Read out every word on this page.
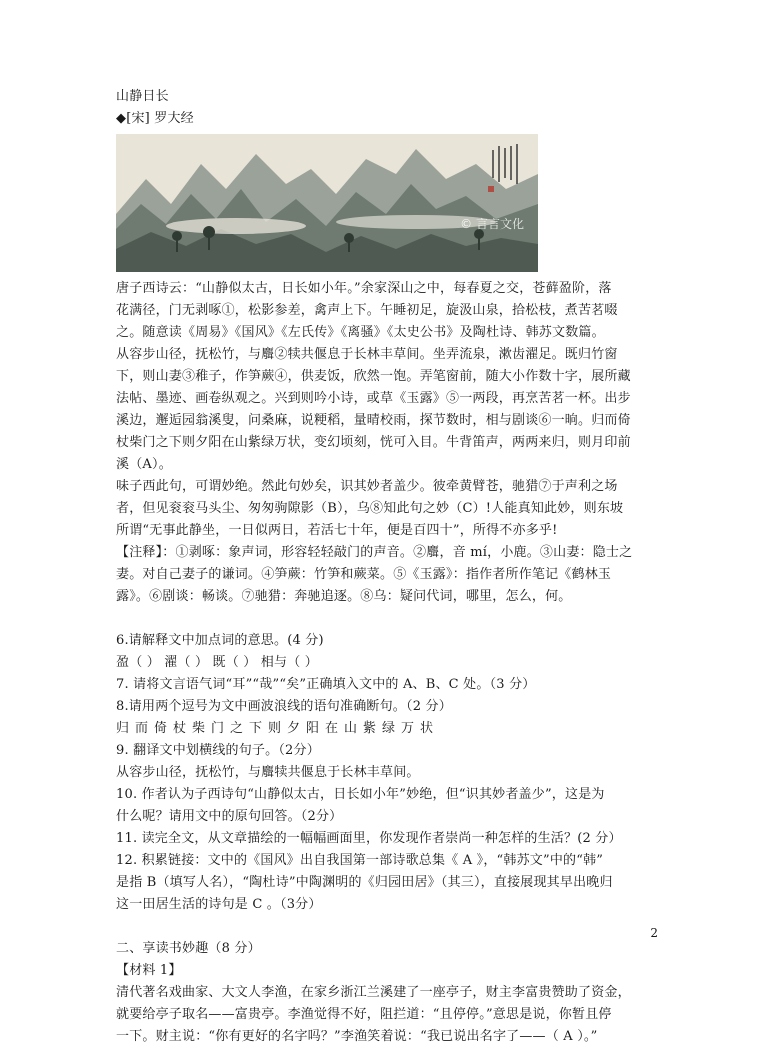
山静日长
◆[宋] 罗大经
© 言言文化
唐子西诗云：“山静似太古，日长如小年。”余家深山之中，每春夏之交，苍藓盈阶，落
花满径，门无剥啄①，松影参差，禽声上下。午睡初足，旋汲山泉，拾松枝，煮苦茗啜
之。随意读《周易》《国风》《左氏传》《离骚》《太史公书》及陶杜诗、韩苏文数篇。
从容步山径，抚松竹，与麛②犊共偃息于长林丰草间。坐弄流泉，漱齿濯足。既归竹窗
下，则山妻③稚子，作笋蕨④，供麦饭，欣然一饱。弄笔窗前，随大小作数十字，展所藏
法帖、墨迹、画卷纵观之。兴到则吟小诗，或草《玉露》⑤一两段，再烹苦茗一杯。出步
溪边，邂逅园翁溪叟，问桑麻，说粳稻，量晴校雨，探节数时，相与剧谈⑥一晌。归而倚
杖柴门之下则夕阳在山紫绿万状，变幻顷刻，恍可入目。牛背笛声，两两来归，则月印前
溪（A）。
味子西此句，可谓妙绝。然此句妙矣，识其妙者盖少。彼牵黄臂苍，驰猎⑦于声利之场
者，但见衮衮马头尘、匆匆驹隙影（B），乌⑧知此句之妙（C）!人能真知此妙，则东坡
所谓“无事此静坐，一日似两日，若活七十年，便是百四十”，所得不亦多乎!
【注释】：①剥啄：象声词，形容轻轻敲门的声音。②麛，音 mí，小鹿。③山妻：隐士之
妻。对自己妻子的谦词。④笋蕨：竹笋和蕨菜。⑤《玉露》：指作者所作笔记《鹤林玉
露》。⑥剧谈：畅谈。⑦驰猎：奔驰追逐。⑧乌：疑问代词，哪里，怎么，何。
6.请解释文中加点词的意思。(4 分)
盈（ ） 濯（ ） 既（ ） 相与（ ）
7. 请将文言语气词“耳”“哉”“矣”正确填入文中的 A、B、C 处。（3 分）
8.请用两个逗号为文中画波浪线的语句准确断句。（2 分）
归而倚杖柴门之下则夕阳在山紫绿万状
9. 翻译文中划横线的句子。（2分）
从容步山径，抚松竹，与麛犊共偃息于长林丰草间。
10. 作者认为子西诗句“山静似太古，日长如小年”妙绝，但“识其妙者盖少”，这是为
什么呢？请用文中的原句回答。（2分）
11. 读完全文，从文章描绘的一幅幅画面里，你发现作者崇尚一种怎样的生活？(2 分）
12. 积累链接：文中的《国风》出自我国第一部诗歌总集《 A 》，“韩苏文”中的“韩”
是指 B（填写人名），“陶杜诗”中陶渊明的《归园田居》（其三），直接展现其早出晚归
这一田居生活的诗句是 C 。（3分）
二、享读书妙趣（8 分）
【材料 1】
清代著名戏曲家、大文人李渔，在家乡浙江兰溪建了一座亭子，财主李富贵赞助了资金，
就要给亭子取名——富贵亭。李渔觉得不好，阻拦道：“且停停。”意思是说，你暂且停
一下。财主说：“你有更好的名字吗？”李渔笑着说：“我已说出名字了——（ A ）。”
2
